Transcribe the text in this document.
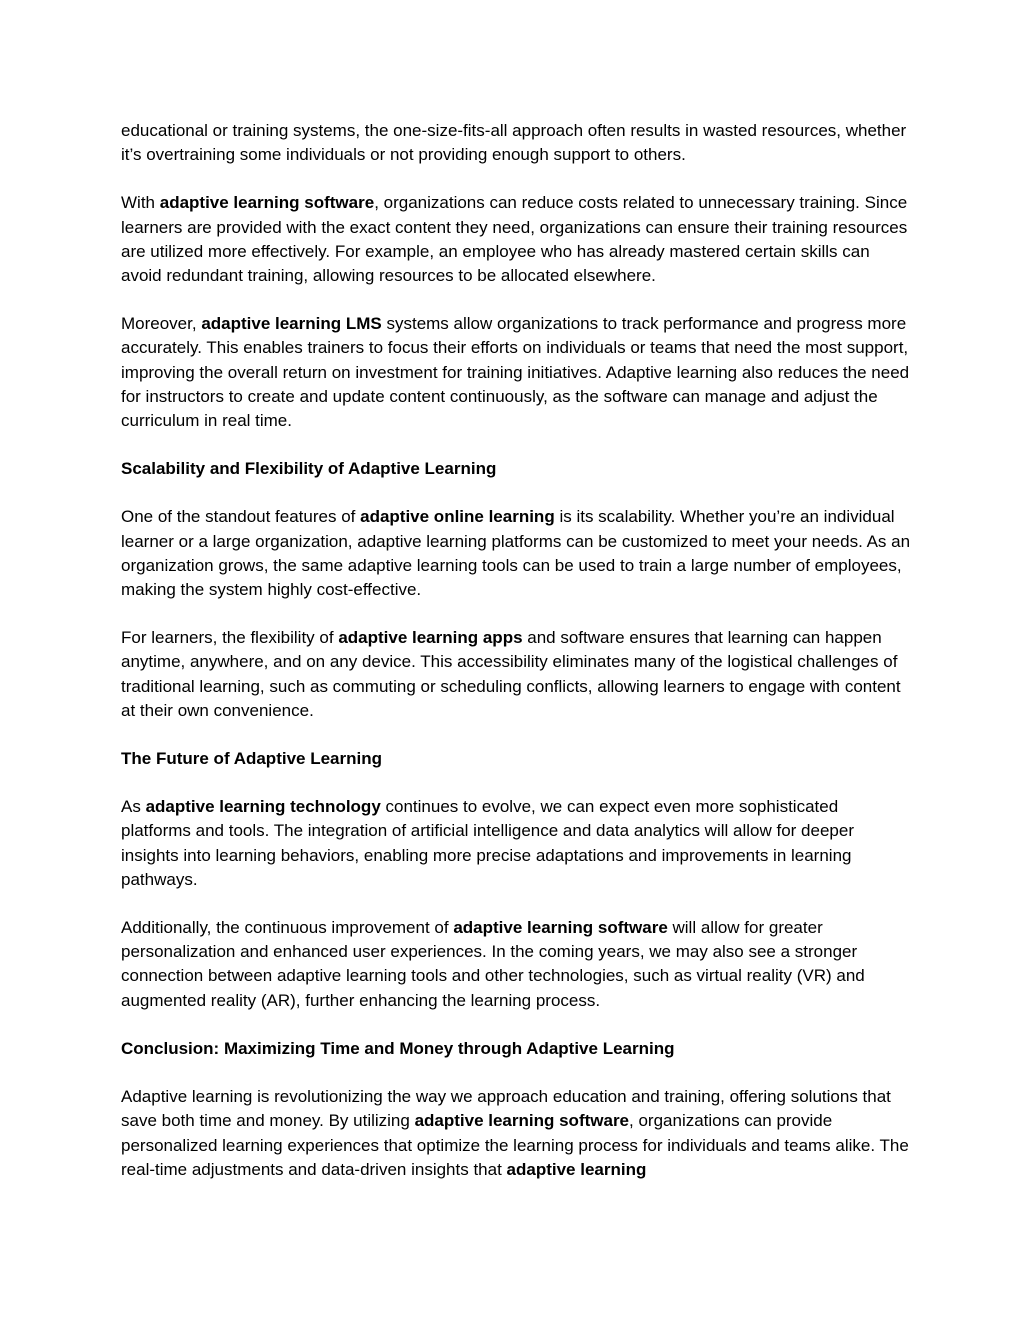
educational or training systems, the one-size-fits-all approach often results in wasted resources, whether it’s overtraining some individuals or not providing enough support to others.

With adaptive learning software, organizations can reduce costs related to unnecessary training. Since learners are provided with the exact content they need, organizations can ensure their training resources are utilized more effectively. For example, an employee who has already mastered certain skills can avoid redundant training, allowing resources to be allocated elsewhere.

Moreover, adaptive learning LMS systems allow organizations to track performance and progress more accurately. This enables trainers to focus their efforts on individuals or teams that need the most support, improving the overall return on investment for training initiatives. Adaptive learning also reduces the need for instructors to create and update content continuously, as the software can manage and adjust the curriculum in real time.

Scalability and Flexibility of Adaptive Learning

One of the standout features of adaptive online learning is its scalability. Whether you’re an individual learner or a large organization, adaptive learning platforms can be customized to meet your needs. As an organization grows, the same adaptive learning tools can be used to train a large number of employees, making the system highly cost-effective.

For learners, the flexibility of adaptive learning apps and software ensures that learning can happen anytime, anywhere, and on any device. This accessibility eliminates many of the logistical challenges of traditional learning, such as commuting or scheduling conflicts, allowing learners to engage with content at their own convenience.

The Future of Adaptive Learning

As adaptive learning technology continues to evolve, we can expect even more sophisticated platforms and tools. The integration of artificial intelligence and data analytics will allow for deeper insights into learning behaviors, enabling more precise adaptations and improvements in learning pathways.

Additionally, the continuous improvement of adaptive learning software will allow for greater personalization and enhanced user experiences. In the coming years, we may also see a stronger connection between adaptive learning tools and other technologies, such as virtual reality (VR) and augmented reality (AR), further enhancing the learning process.

Conclusion: Maximizing Time and Money through Adaptive Learning

Adaptive learning is revolutionizing the way we approach education and training, offering solutions that save both time and money. By utilizing adaptive learning software, organizations can provide personalized learning experiences that optimize the learning process for individuals and teams alike. The real-time adjustments and data-driven insights that adaptive learning
